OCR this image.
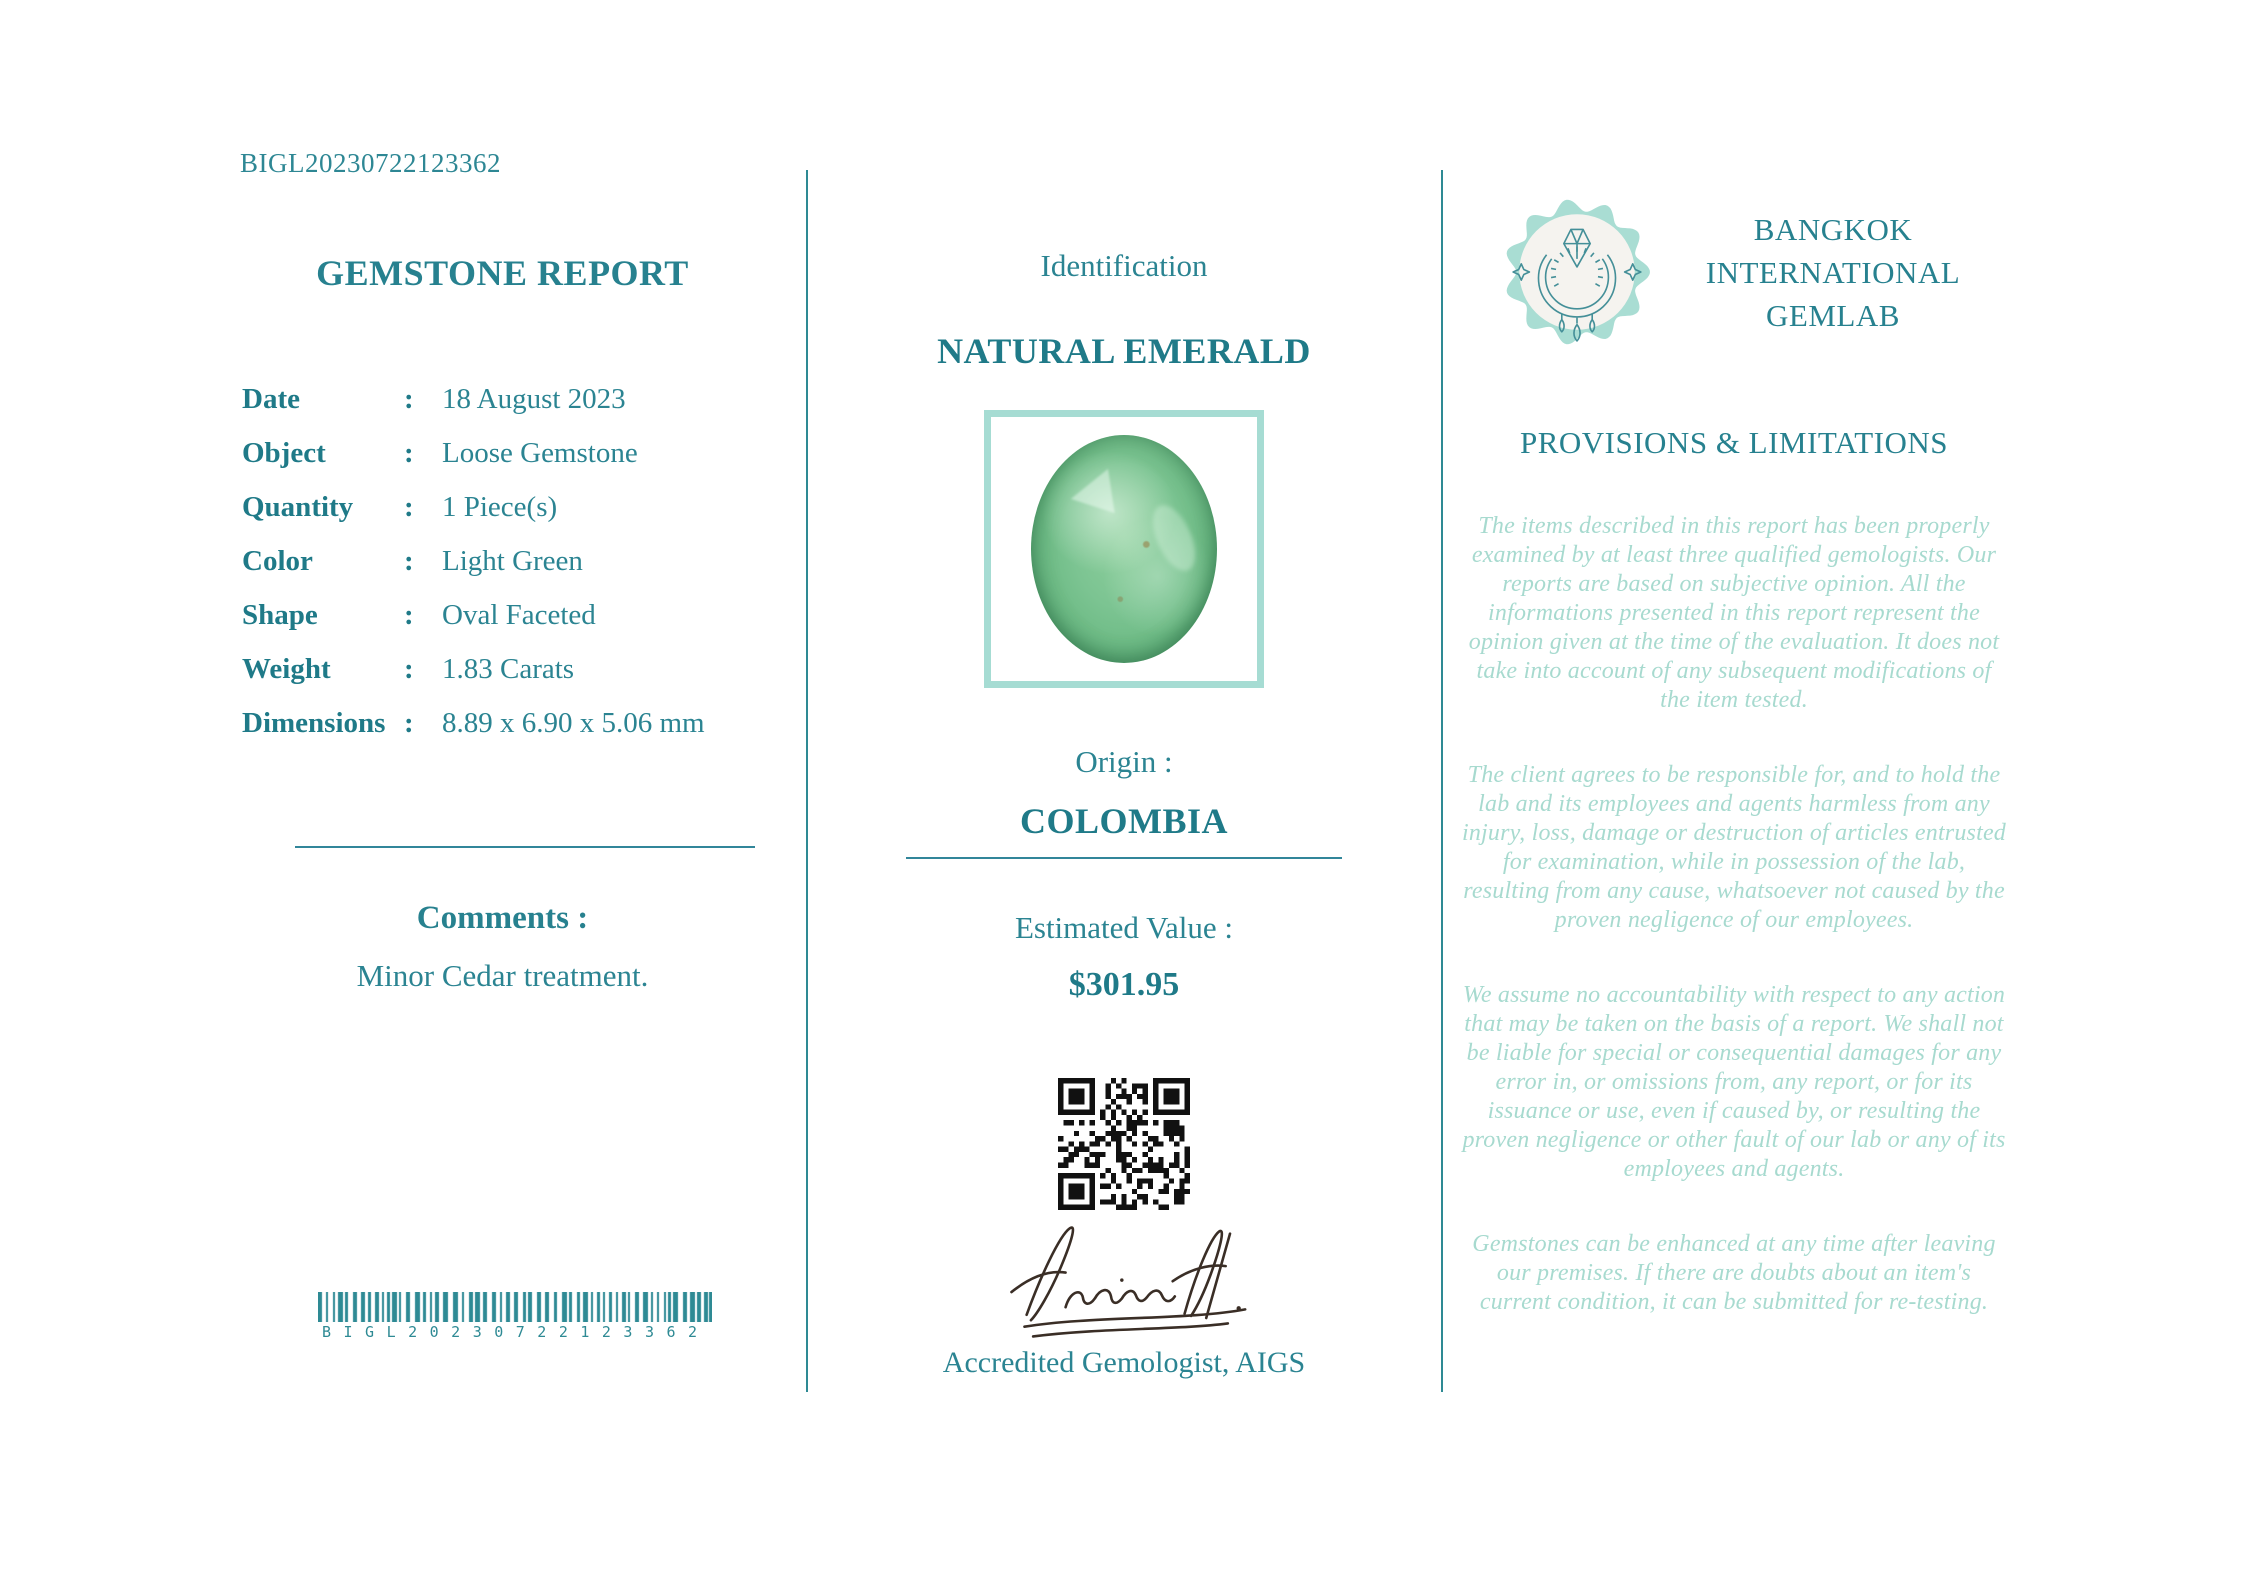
BIGL20230722123362
GEMSTONE REPORT
Date	: 18 August 2023
Object	: Loose Gemstone
Quantity	: 1 Piece(s)
Color	: Light Green
Shape	: Oval Faceted
Weight	: 1.83 Carats
Dimensions : 8.89 x 6.90 x 5.06 mm
Comments :
Minor Cedar treatment.
BIGL20230722123362
Identification
NATURAL EMERALD
Origin :
COLOMBIA
Estimated Value :
$301.95
Accredited Gemologist, AIGS
BANGKOK
INTERNATIONAL
GEMLAB
PROVISIONS & LIMITATIONS

The items described in this report has been properly examined by at least three qualified gemologists. Our reports are based on subjective opinion. All the informations presented in this report represent the opinion given at the time of the evaluation. It does not take into account of any subsequent modifications of the item tested.

The client agrees to be responsible for, and to hold the lab and its employees and agents harmless from any injury, loss, damage or destruction of articles entrusted for examination, while in possession of the lab, resulting from any cause, whatsoever not caused by the proven negligence of our employees.

We assume no accountability with respect to any action that may be taken on the basis of a report. We shall not be liable for special or consequential damages for any error in, or omissions from, any report, or for its issuance or use, even if caused by, or resulting the proven negligence or other fault of our lab or any of its employees and agents.

Gemstones can be enhanced at any time after leaving our premises. If there are doubts about an item's current condition, it can be submitted for re-testing.
